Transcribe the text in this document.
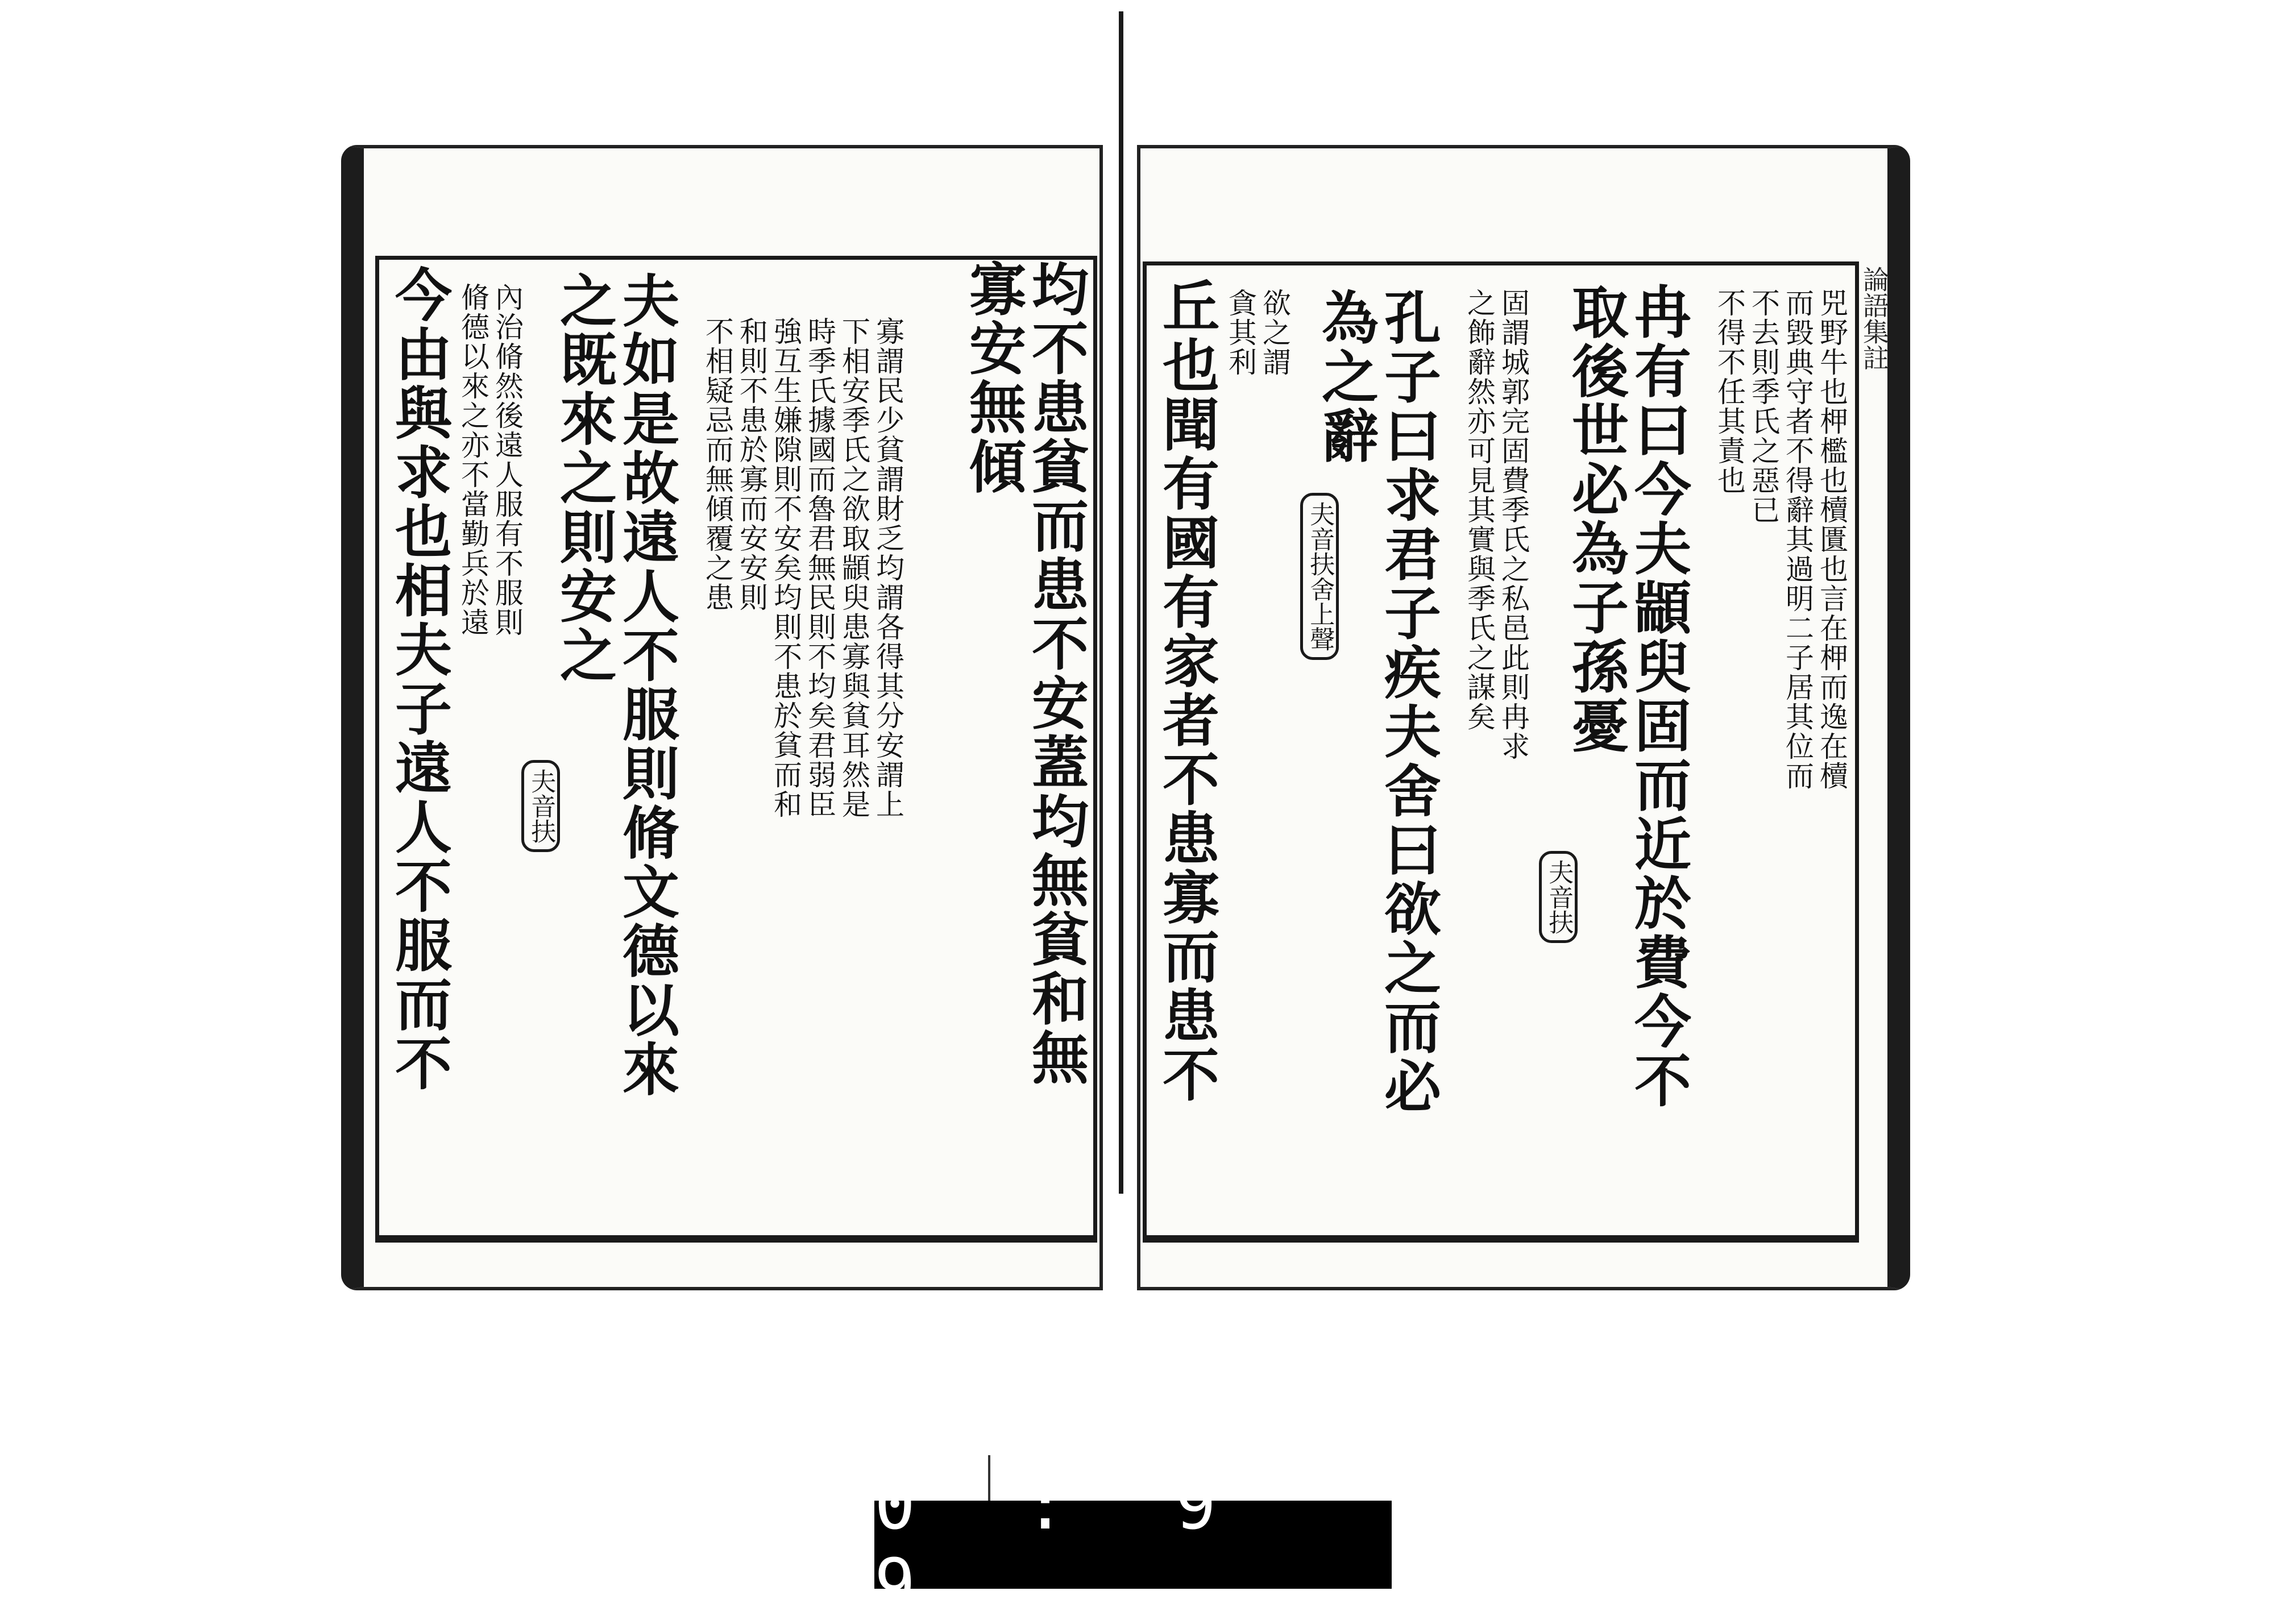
均不患貧而患不安蓋均無貧和無
寡安無傾
寡謂民少貧謂財乏均謂各得其分安謂上
下相安季氏之欲取顓臾患寡與貧耳然是
時季氏據國而魯君無民則不均矣君弱臣
強互生嫌隙則不安矣均則不患於貧而和
和則不患於寡而安安則
不相疑忌而無傾覆之患
夫如是故遠人不服則脩文德以來
之既來之則安之
夫音扶
內治脩然後遠人服有不服則
脩德以來之亦不當勤兵於遠
今由與求也相夫子遠人不服而不	論語集註
兕野牛也柙檻也櫝匱也言在柙而逸在櫝
而毀典守者不得辭其過明二子居其位而
不去則季氏之惡已
不得不任其責也
冉有曰今夫顓臾固而近於費今不
取後世必為子孫憂
夫音扶
固謂城郭完固費季氏之私邑此則冉求
之飾辭然亦可見其實與季氏之謀矣
孔子曰求君子疾夫舍曰欲之而必
為之辭
夫音扶舍上聲
欲之謂
貪其利
丘也聞有國有家者不患寡而患不
0 : 9 9
